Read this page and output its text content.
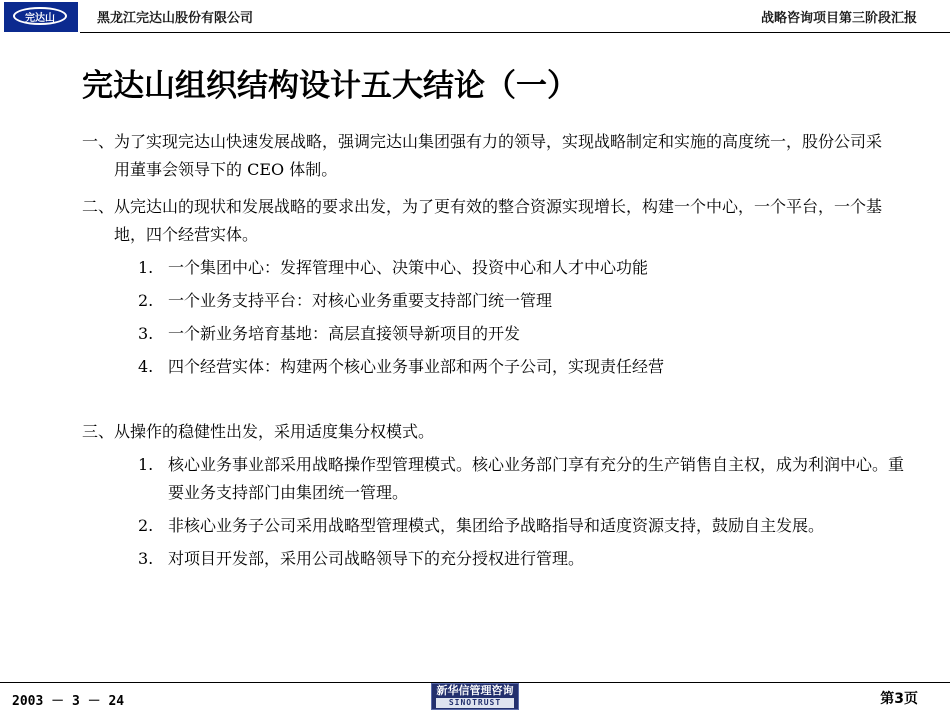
完达山	黑龙江完达山股份有限公司	战略咨询项目第三阶段汇报
完达山组织结构设计五大结论（一）
一、 为了实现完达山快速发展战略，强调完达山集团强有力的领导，实现战略制定和实施的高度统一，股份公司采用董事会领导下的 CEO 体制。
二、 从完达山的现状和发展战略的要求出发，为了更有效的整合资源实现增长，构建一个中心，一个平台，一个基地，四个经营实体。
1. 一个集团中心：发挥管理中心、决策中心、投资中心和人才中心功能
2. 一个业务支持平台：对核心业务重要支持部门统一管理
3. 一个新业务培育基地：高层直接领导新项目的开发
4. 四个经营实体：构建两个核心业务事业部和两个子公司，实现责任经营
三、 从操作的稳健性出发，采用适度集分权模式。
1. 核心业务事业部采用战略操作型管理模式。核心业务部门享有充分的生产销售自主权，成为利润中心。重要业务支持部门由集团统一管理。
2. 非核心业务子公司采用战略型管理模式，集团给予战略指导和适度资源支持，鼓励自主发展。
3. 对项目开发部，采用公司战略领导下的充分授权进行管理。
2003 － 3 － 24
新华信管理咨询
SINOTRUST	第3页
